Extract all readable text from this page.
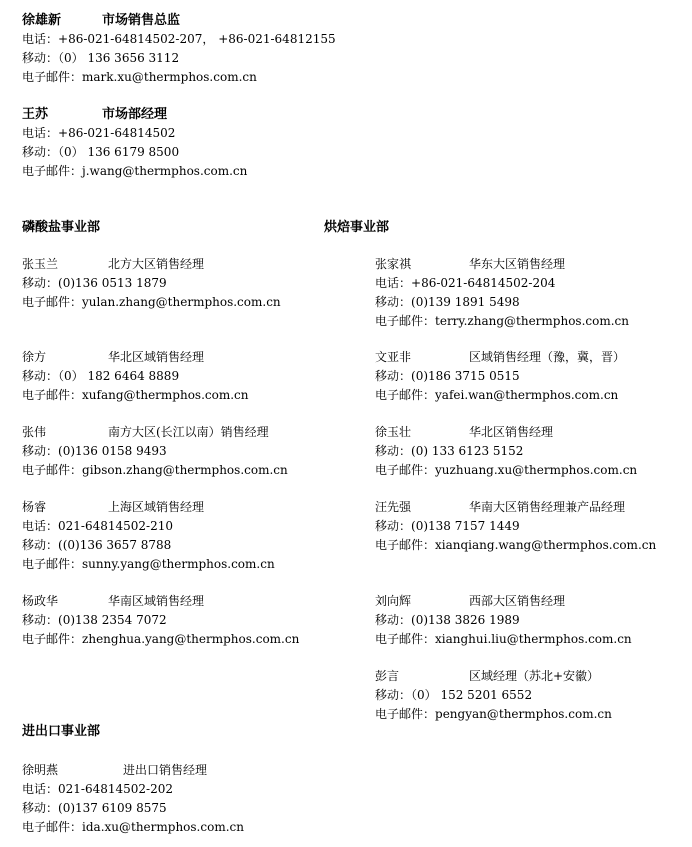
徐雄新	市场销售总监
电话：+86-021-64814502-207， +86-021-64812155
移动：（0） 136 3656 3112
电子邮件：mark.xu@thermphos.com.cn
王苏	市场部经理
电话：+86-021-64814502
移动：（0） 136 6179 8500
电子邮件：j.wang@thermphos.com.cn
磷酸盐事业部	烘焙事业部
进出口事业部
张玉兰	北方大区销售经理
移动：(0)136 0513 1879
电子邮件：yulan.zhang@thermphos.com.cn
徐方	华北区域销售经理
移动：（0） 182 6464 8889
电子邮件：xufang@thermphos.com.cn
张伟	南方大区(长江以南）销售经理
移动：(0)136 0158 9493
电子邮件：gibson.zhang@thermphos.com.cn
杨睿	上海区域销售经理
电话：021-64814502-210
移动：((0)136 3657 8788
电子邮件：sunny.yang@thermphos.com.cn
杨政华	华南区域销售经理
移动：(0)138 2354 7072
电子邮件：zhenghua.yang@thermphos.com.cn
张家祺	华东大区销售经理
电话：+86-021-64814502-204
移动：(0)139 1891 5498
电子邮件：terry.zhang@thermphos.com.cn
文亚非	区域销售经理（豫，冀，晋）
移动：(0)186 3715 0515
电子邮件：yafei.wan@thermphos.com.cn
徐玉壮	华北区销售经理
移动：(0) 133 6123 5152
电子邮件：yuzhuang.xu@thermphos.com.cn
汪先强	华南大区销售经理兼产品经理
移动：(0)138 7157 1449
电子邮件：xianqiang.wang@thermphos.com.cn
刘向辉	西部大区销售经理
移动：(0)138 3826 1989
电子邮件：xianghui.liu@thermphos.com.cn
彭言	区域经理（苏北+安徽）
移动：（0） 152 5201 6552
电子邮件：pengyan@thermphos.com.cn
徐明燕	进出口销售经理
电话：021-64814502-202
移动：(0)137 6109 8575
电子邮件：ida.xu@thermphos.com.cn
